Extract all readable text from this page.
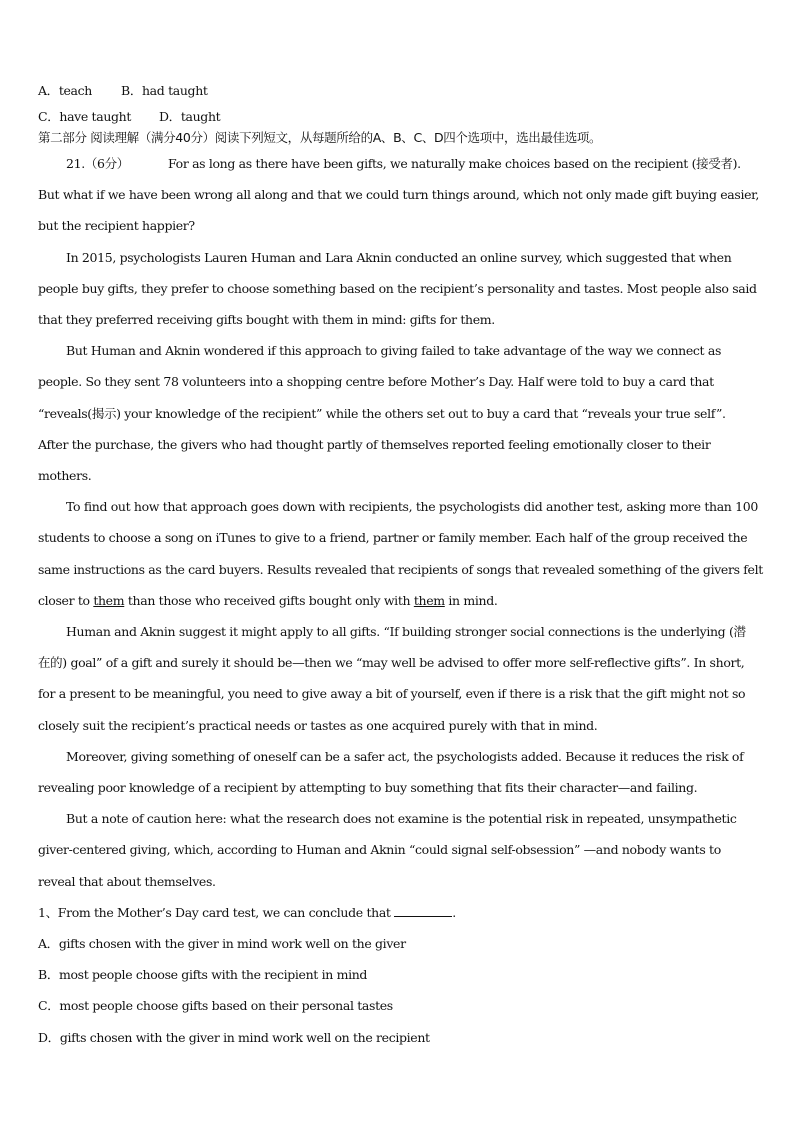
A．teach B．had taught
C．have taught D．taught
第二部分 阅读理解（满分40分）阅读下列短文，从每题所给的A、B、C、D四个选项中，选出最佳选项。
21.（6分）	For as long as there have been gifts, we naturally make choices based on the recipient (接受者).
But what if we have been wrong all along and that we could turn things around, which not only made gift buying easier,
but the recipient happier?
In 2015, psychologists Lauren Human and Lara Aknin conducted an online survey, which suggested that when
people buy gifts, they prefer to choose something based on the recipient’s personality and tastes. Most people also said
that they preferred receiving gifts bought with them in mind: gifts for them.
But Human and Aknin wondered if this approach to giving failed to take advantage of the way we connect as
people. So they sent 78 volunteers into a shopping centre before Mother’s Day. Half were told to buy a card that
“reveals(揭示) your knowledge of the recipient” while the others set out to buy a card that “reveals your true self”.
After the purchase, the givers who had thought partly of themselves reported feeling emotionally closer to their
mothers.
To find out how that approach goes down with recipients, the psychologists did another test, asking more than 100
students to choose a song on iTunes to give to a friend, partner or family member. Each half of the group received the
same instructions as the card buyers. Results revealed that recipients of songs that revealed something of the givers felt
closer to them than those who received gifts bought only with them in mind.
Human and Aknin suggest it might apply to all gifts. “If building stronger social connections is the underlying (潜
在的) goal” of a gift and surely it should be—then we “may well be advised to offer more self-reflective gifts”. In short,
for a present to be meaningful, you need to give away a bit of yourself, even if there is a risk that the gift might not so
closely suit the recipient’s practical needs or tastes as one acquired purely with that in mind.
Moreover, giving something of oneself can be a safer act, the psychologists added. Because it reduces the risk of
revealing poor knowledge of a recipient by attempting to buy something that fits their character—and failing.
But a note of caution here: what the research does not examine is the potential risk in repeated, unsympathetic
giver-centered giving, which, according to Human and Aknin “could signal self-obsession” —and nobody wants to
reveal that about themselves.
1、From the Mother’s Day card test, we can conclude that	.
A．gifts chosen with the giver in mind work well on the giver
B．most people choose gifts with the recipient in mind
C．most people choose gifts based on their personal tastes
D．gifts chosen with the giver in mind work well on the recipient
